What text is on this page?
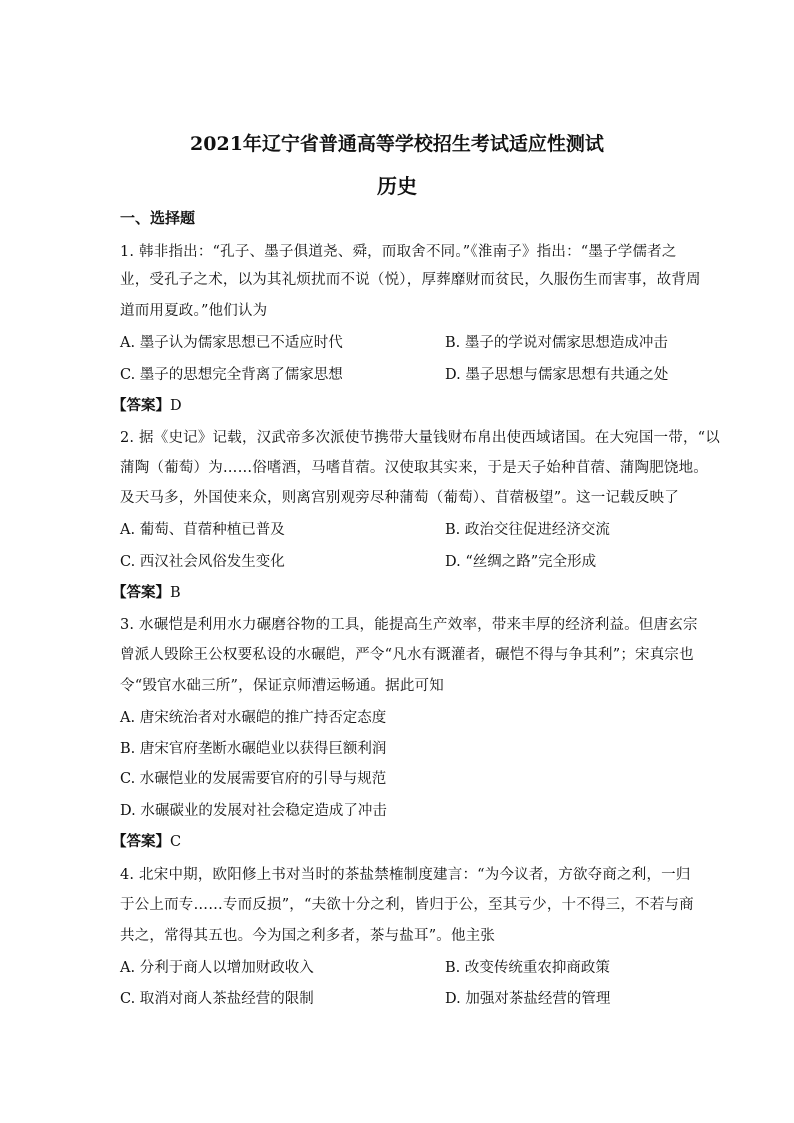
2021年辽宁省普通高等学校招生考试适应性测试
历史
一、选择题
1. 韩非指出：“孔子、墨子俱道尧、舜，而取舍不同。”《淮南子》指出：“墨子学儒者之
业，受孔子之术，以为其礼烦扰而不说（悦），厚葬靡财而贫民，久服伤生而害事，故背周
道而用夏政。”他们认为
A. 墨子认为儒家思想已不适应时代	B. 墨子的学说对儒家思想造成冲击
C. 墨子的思想完全背离了儒家思想	D. 墨子思想与儒家思想有共通之处
【答案】D
2. 据《史记》记载，汉武帝多次派使节携带大量钱财布帛出使西域诸国。在大宛国一带，“以
蒲陶（葡萄）为……俗嗜酒，马嗜苜蓿。汉使取其实来，于是天子始种苜蓿、蒲陶肥饶地。
及天马多，外国使来众，则离宫别观旁尽种蒲萄（葡萄）、苜蓿极望”。这一记载反映了
A. 葡萄、苜蓿种植已普及	B. 政治交往促进经济交流
C. 西汉社会风俗发生变化	D. “丝绸之路”完全形成
【答案】B
3. 水碾恺是利用水力碾磨谷物的工具，能提高生产效率，带来丰厚的经济利益。但唐玄宗
曾派人毁除王公权要私设的水碾皑，严令“凡水有溉灌者，碾恺不得与争其利”；宋真宗也
令“毁官水础三所”，保证京师漕运畅通。据此可知
A. 唐宋统治者对水碾皑的推广持否定态度
B. 唐宋官府垄断水碾皑业以获得巨额利润
C. 水碾恺业的发展需要官府的引导与规范
D. 水碾碳业的发展对社会稳定造成了冲击
【答案】C
4. 北宋中期，欧阳修上书对当时的茶盐禁榷制度建言：“为今议者，方欲夺商之利，一归
于公上而专……专而反损”，“夫欲十分之利，皆归于公，至其亏少，十不得三，不若与商
共之，常得其五也。今为国之利多者，茶与盐耳”。他主张
A. 分利于商人以增加财政收入	B. 改变传统重农抑商政策
C. 取消对商人茶盐经营的限制	D. 加强对茶盐经营的管理
